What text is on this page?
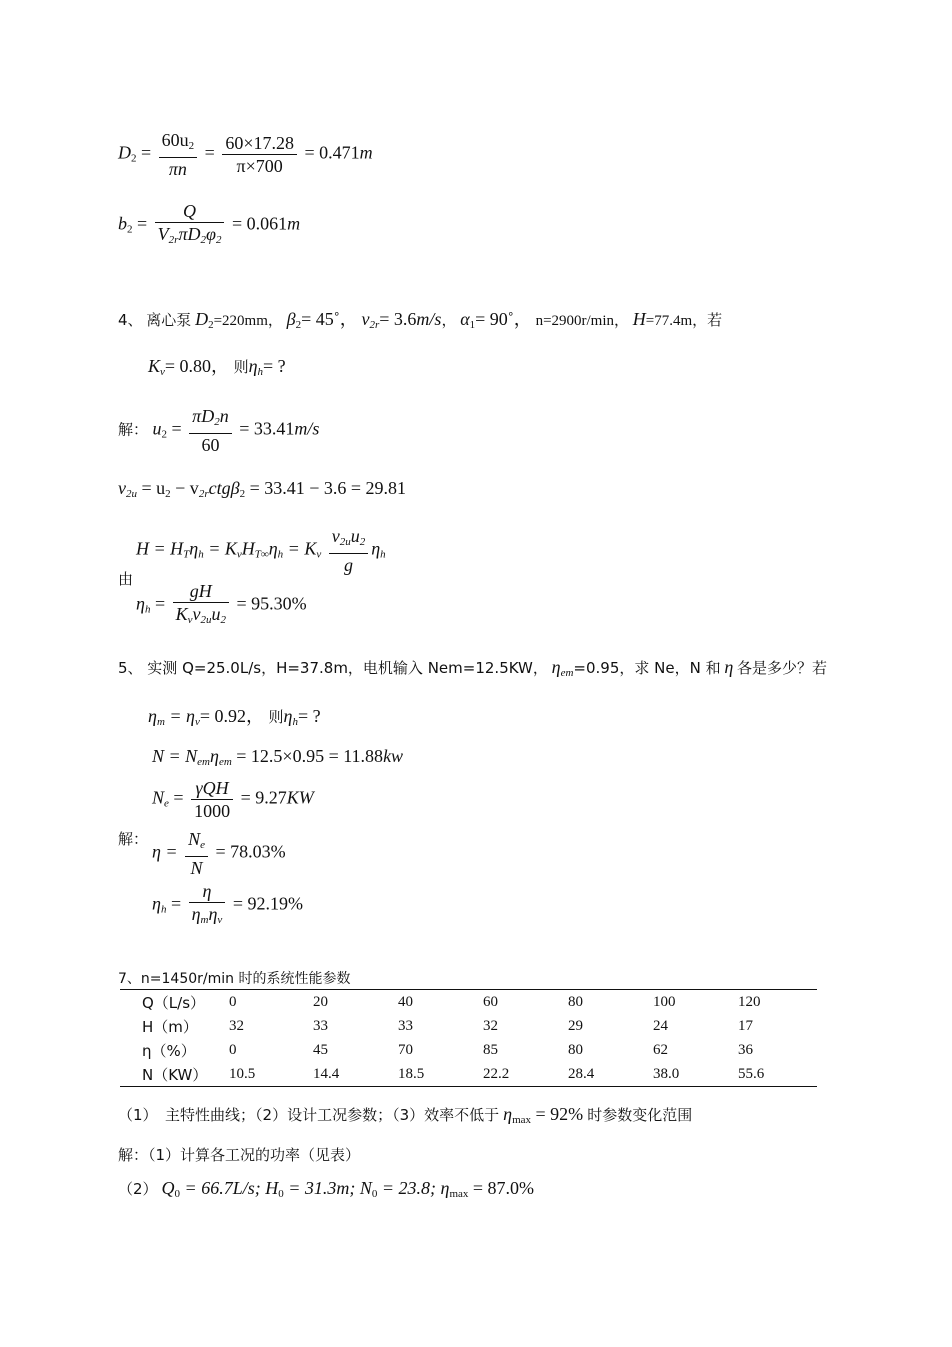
$D_2 = \frac{60u_2}{\pi n} = \frac{60\times 17.28}{\pi\times 700} = 0.471m$
$b_2 = \frac{Q}{V_{2r}\pi D_2\varphi_2} = 0.061m$
4、 离心泵 $D_2=220mm$， $\beta_2=$ 45˚， $v_{2r}= 3.6m/s$， $\alpha_1=$ 90˚， n=2900r/min， H=77.4m，若
$K_v= 0.80$， 则$\eta_h=$ ?
解： $u_2 = \frac{\pi D_2n}{60} = 33.41m/s$
$v_{2u} = u_2 - v_{2r}ctg\beta_2 = 33.41 - 3.6 = 29.81$
$H = H_T\eta_h = K_vH_{T\infty}\eta_h = K_v \frac{v_{2u}u_2}{g} \eta_h$
由
$\eta_h = \frac{gH}{K_vv_{2u}u_2} = 95.30\%$
5、 实测 Q=25.0L/s，H=37.8m，电机输入 Nem=12.5KW， $\eta_{em}=0.95$，求 Ne，N 和 η 各是多少？若
$\eta_m = \eta_v= 0.92$， 则$\eta_h=$ ?
$N = N_{em}\eta_{em} = 12.5\times 0.95 = 11.88kw$
$N_e = \frac{\text{γQH}}{1000} = 9.27KW$
解：
$\eta = \frac{N_e}{N} = 78.03\%$
$\eta_h = \frac{\eta}{\eta_m\eta_v} = 92.19\%$
7、n=1450r/min 时的系统性能参数
Q（L/s）	0	20	40	60	80	100	120
H（m）	32	33	33	32	29	24	17
η（%）	0	45	70	85	80	62	36
N（KW）	10.5	14.4	18.5	22.2	28.4	38.0	55.6
（1）　主特性曲线；（2）设计工况参数；（3）效率不低于 $\eta_{max} = 92\%$ 时参数变化范围
解：（1）计算各工况的功率（见表）
（2） $Q_0 = 66.7L/s$; $H_0 = 31.3m$; $N_0 = 23.8$; $\eta_{max} = 87.0\%$
